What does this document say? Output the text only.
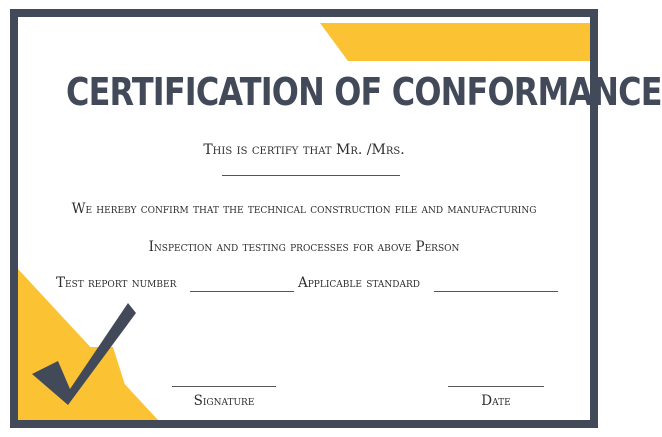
CERTIFICATION OF CONFORMANCE
This is certify that Mr. /Mrs.
We hereby confirm that the technical construction file and manufacturing
Inspection and testing processes for above Person
Test report number	Applicable standard
Signature	Date
